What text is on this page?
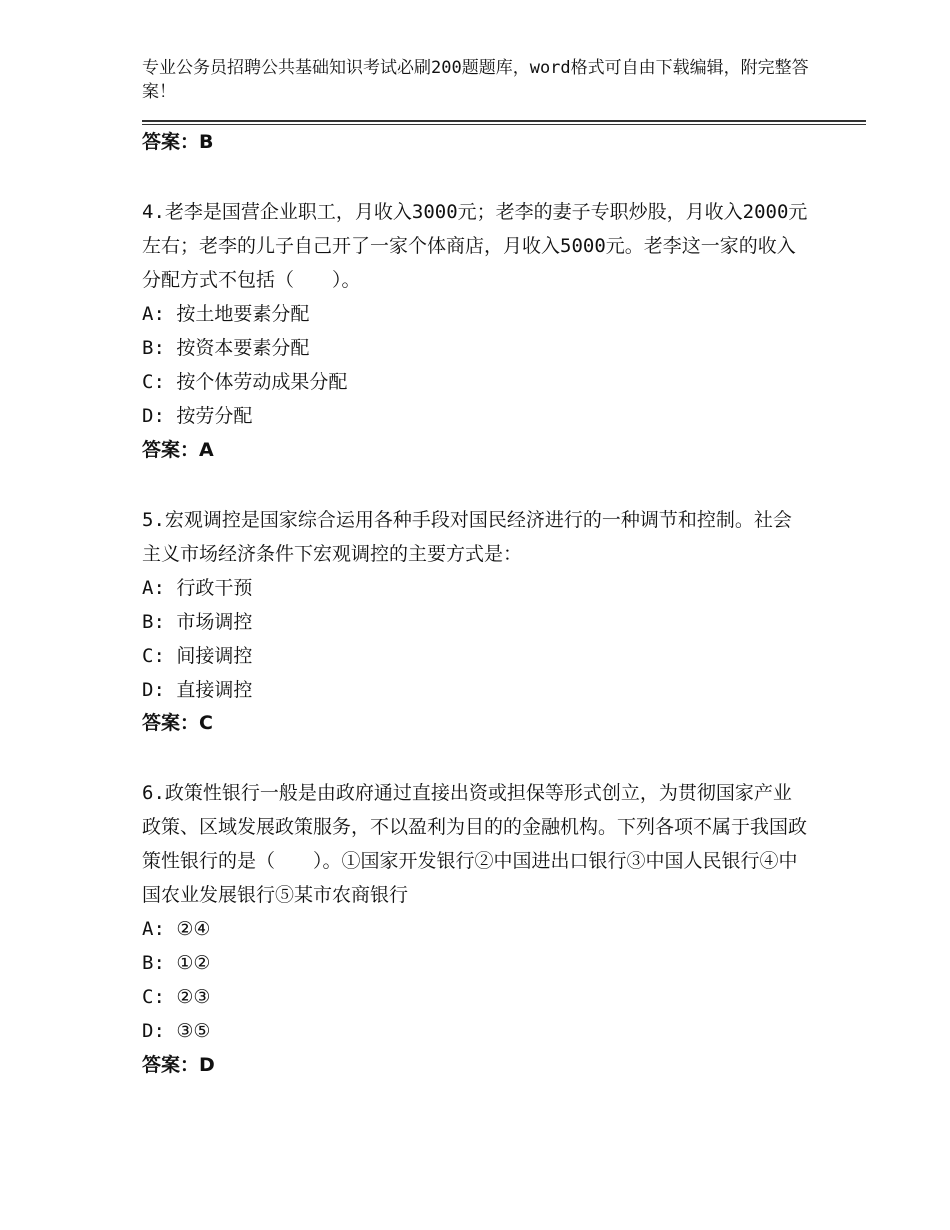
专业公务员招聘公共基础知识考试必刷200题题库，word格式可自由下载编辑，附完整答案！
答案：B

4.老李是国营企业职工，月收入3000元；老李的妻子专职炒股，月收入2000元左右；老李的儿子自己开了一家个体商店，月收入5000元。老李这一家的收入分配方式不包括（　　）。

A: 按土地要素分配

B: 按资本要素分配

C: 按个体劳动成果分配

D: 按劳分配

答案：A

5.宏观调控是国家综合运用各种手段对国民经济进行的一种调节和控制。社会主义市场经济条件下宏观调控的主要方式是：

A: 行政干预

B: 市场调控

C: 间接调控

D: 直接调控

答案：C

6.政策性银行一般是由政府通过直接出资或担保等形式创立，为贯彻国家产业政策、区域发展政策服务，不以盈利为目的的金融机构。下列各项不属于我国政策性银行的是（　　）。①国家开发银行②中国进出口银行③中国人民银行④中国农业发展银行⑤某市农商银行

A: ②④

B: ①②

C: ②③

D: ③⑤

答案：D
